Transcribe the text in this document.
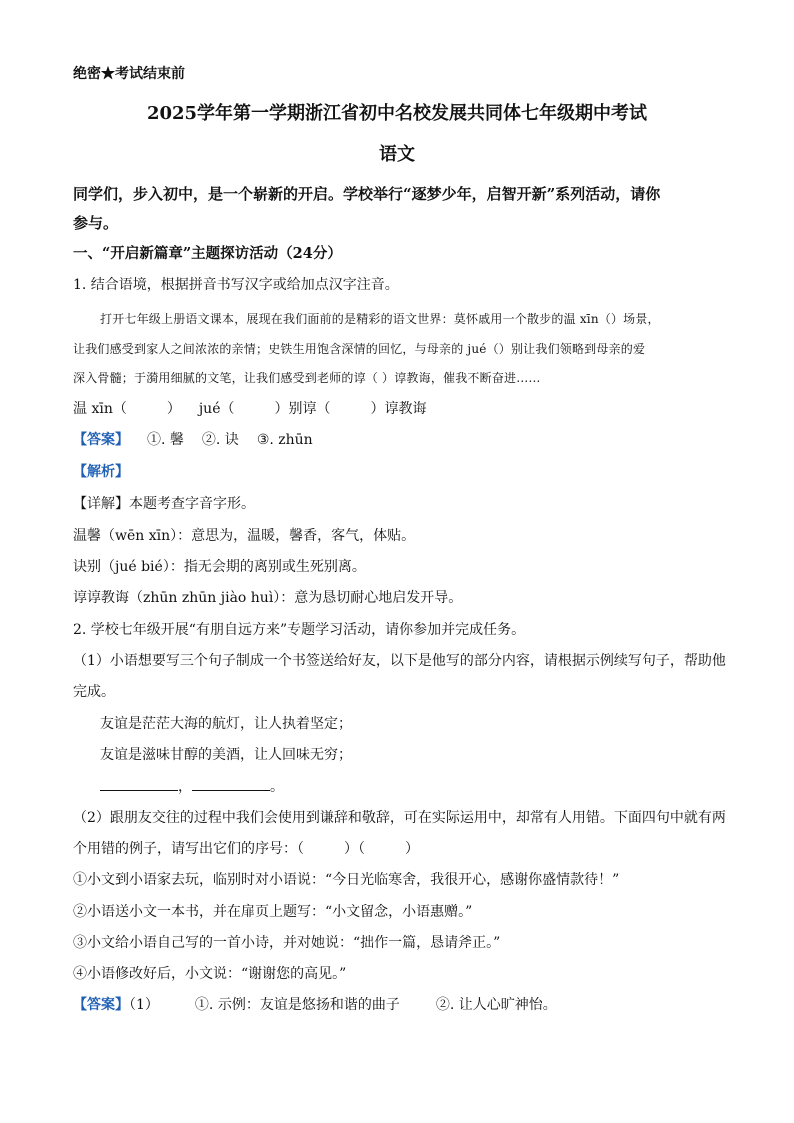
绝密★考试结束前
2025学年第一学期浙江省初中名校发展共同体七年级期中考试
语文
同学们，步入初中，是一个崭新的开启。学校举行“逐梦少年，启智开新”系列活动，请你
参与。
一、“开启新篇章”主题探访活动（24分）
1. 结合语境，根据拼音书写汉字或给加点汉字注音。
打开七年级上册语文课本，展现在我们面前的是精彩的语文世界：莫怀戚用一个散步的温 xīn（）场景，
让我们感受到家人之间浓浓的亲情；史铁生用饱含深情的回忆，与母亲的 jué（）别让我们领略到母亲的爱
深入骨髓；于漪用细腻的文笔，让我们感受到老师的谆（ ）谆教诲，催我不断奋进……
温 xīn（	） jué（	）别谆（	）谆教诲
【答案】 ①. 馨 ②. 诀 ③. zhūn
【解析】
【详解】本题考查字音字形。
温馨（wēn xīn）：意思为，温暖，馨香，客气，体贴。
诀别（jué bié）：指无会期的离别或生死别离。
谆谆教诲（zhūn zhūn jiào huì）：意为恳切耐心地启发开导。
2. 学校七年级开展“有朋自远方来”专题学习活动，请你参加并完成任务。
（1）小语想要写三个句子制成一个书签送给好友，以下是他写的部分内容，请根据示例续写句子，帮助他
完成。
友谊是茫茫大海的航灯，让人执着坚定；
友谊是滋味甘醇的美酒，让人回味无穷；
，	。
（2）跟朋友交往的过程中我们会使用到谦辞和敬辞，可在实际运用中，却常有人用错。下面四句中就有两
个用错的例子，请写出它们的序号：（	）（	）
①小文到小语家去玩，临别时对小语说：“今日光临寒舍，我很开心，感谢你盛情款待！”
②小语送小文一本书，并在扉页上题写：“小文留念，小语惠赠。”
③小文给小语自己写的一首小诗，并对她说：“拙作一篇，恳请斧正。”
④小语修改好后，小文说：“谢谢您的高见。”
【答案】（1）	①. 示例：友谊是悠扬和谐的曲子	②. 让人心旷神怡。
